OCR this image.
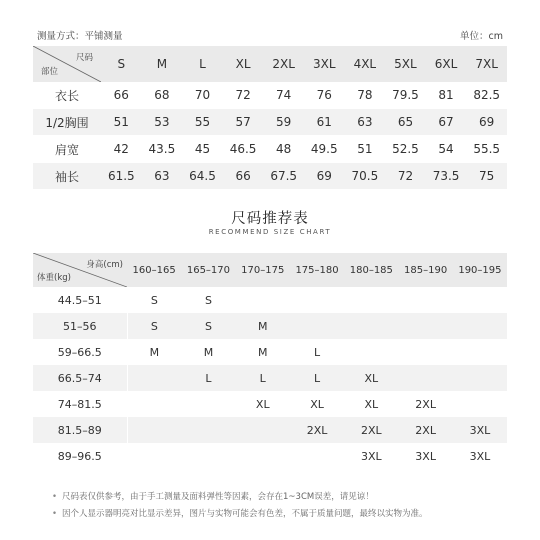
测量方式：平铺测量	单位：cm
尺码
部位	S	M	L	XL	2XL	3XL	4XL	5XL	6XL	7XL
衣长	66	68	70	72	74	76	78	79.5	81	82.5
1/2胸围	51	53	55	57	59	61	63	65	67	69
肩宽	42	43.5	45	46.5	48	49.5	51	52.5	54	55.5
袖长	61.5	63	64.5	66	67.5	69	70.5	72	73.5	75
尺码推荐表
RECOMMEND SIZE CHART
身高(cm)
体重(kg)	160–165	165–170	170–175	175–180	180–185	185–190	190–195
44.5–51	S	S					
51–56	S	S	M				
59–66.5	M	M	M	L			
66.5–74		L	L	L	XL		
74–81.5			XL	XL	XL	2XL	
81.5–89				2XL	2XL	2XL	3XL
89–96.5					3XL	3XL	3XL
• 尺码表仅供参考，由于手工测量及面料弹性等因素，会存在1~3CM误差，请见谅！
• 因个人显示器明亮对比显示差异，图片与实物可能会有色差，不属于质量问题，最终以实物为准。
